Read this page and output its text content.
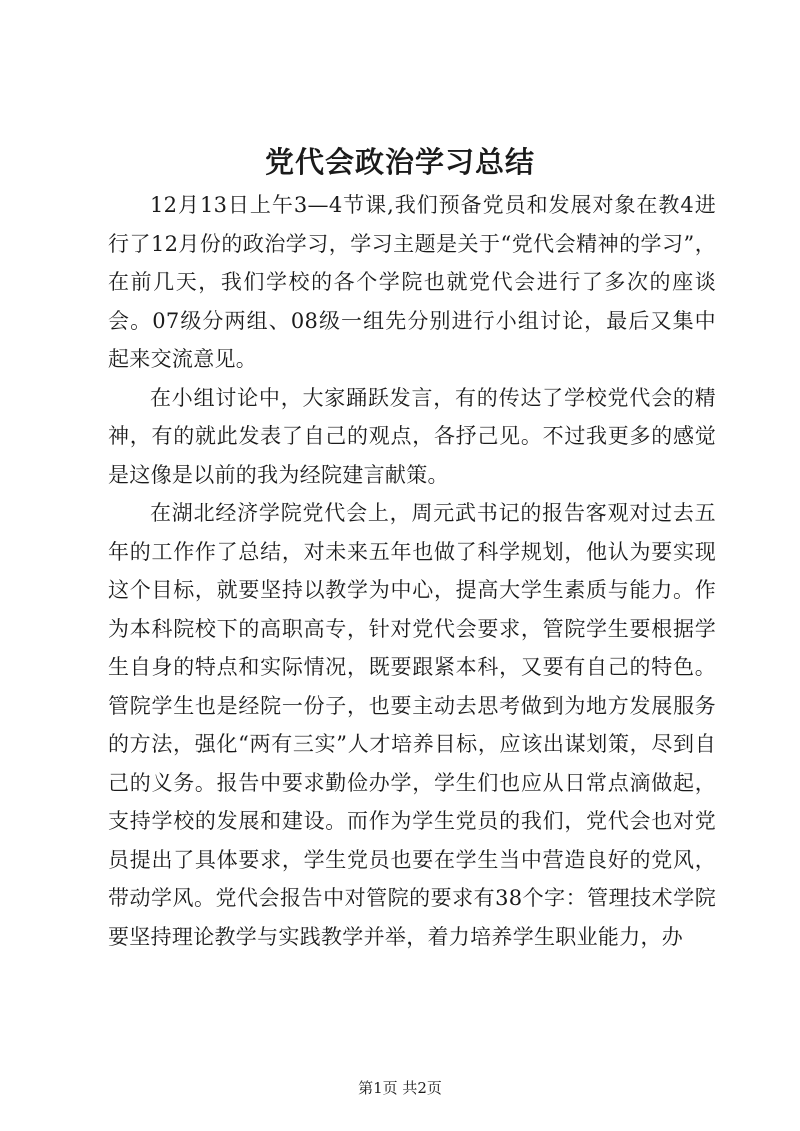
党代会政治学习总结

12月13日上午3—4节课,我们预备党员和发展对象在教4进行了12月份的政治学习，学习主题是关于“党代会精神的学习”，在前几天，我们学校的各个学院也就党代会进行了多次的座谈会。07级分两组、08级一组先分别进行小组讨论，最后又集中起来交流意见。

在小组讨论中，大家踊跃发言，有的传达了学校党代会的精神，有的就此发表了自己的观点，各抒己见。不过我更多的感觉是这像是以前的我为经院建言献策。

在湖北经济学院党代会上，周元武书记的报告客观对过去五年的工作作了总结，对未来五年也做了科学规划，他认为要实现这个目标，就要坚持以教学为中心，提高大学生素质与能力。作为本科院校下的高职高专，针对党代会要求，管院学生要根据学生自身的特点和实际情况，既要跟紧本科，又要有自己的特色。管院学生也是经院一份子，也要主动去思考做到为地方发展服务的方法，强化“两有三实”人才培养目标，应该出谋划策，尽到自己的义务。报告中要求勤俭办学，学生们也应从日常点滴做起，支持学校的发展和建设。而作为学生党员的我们，党代会也对党员提出了具体要求，学生党员也要在学生当中营造良好的党风，带动学风。党代会报告中对管院的要求有38个字：管理技术学院要坚持理论教学与实践教学并举，着力培养学生职业能力，办

第1页 共2页
